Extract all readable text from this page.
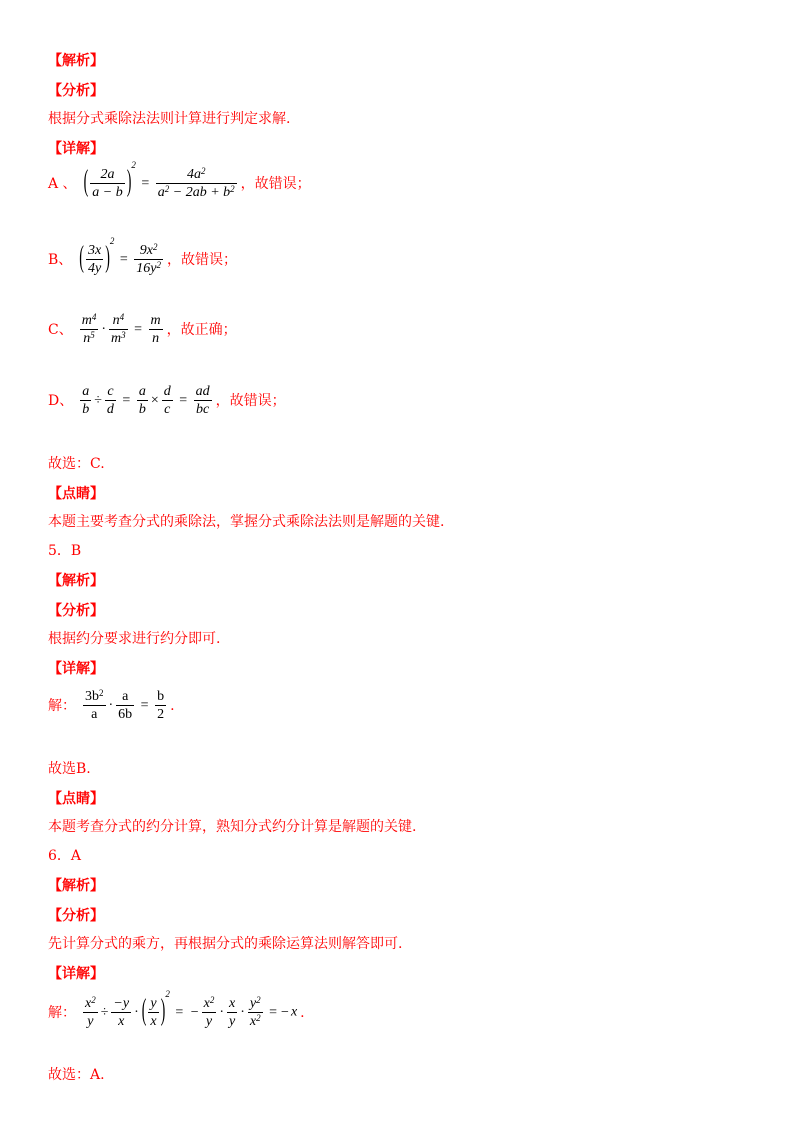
【解析】
【分析】
根据分式乘除法法则计算进行判定求解.
【详解】
A 、 ( $\frac{2a}{a - b} )^2 = \frac{4a^2}{a^2 - 2ab + b^2}$ ，故错误；
B、 ( $\frac{3x}{4y} )^2 = \frac{9x^2}{16y^2}$ ，故错误；
C、 $\frac{m^4}{n^5} \cdot \frac{n^4}{m^3} = \frac{m}{n}$ ，故正确；
D、 $\frac{a}{b} \div \frac{c}{d} = \frac{a}{b} \times \frac{d}{c} = \frac{ad}{bc}$ ，故错误；
故选：C.
【点睛】
本题主要考查分式的乘除法，掌握分式乘除法法则是解题的关键.
5．B
【解析】
【分析】
根据约分要求进行约分即可.
【详解】
解： $\frac{3b^2}{a} \cdot \frac{a}{6b} = \frac{b}{2}$ .
故选B.
【点睛】
本题考查分式的约分计算，熟知分式约分计算是解题的关键.
6．A
【解析】
【分析】
先计算分式的乘方，再根据分式的乘除运算法则解答即可.
【详解】
解： $\frac{x^2}{y} \div \frac{-y}{x}$ · ( $\frac{y}{x} )^2$ = − $\frac{x^2}{y} \cdot \frac{x}{y} \cdot \frac{y^2}{x^2}$ = − x .
故选：A.
